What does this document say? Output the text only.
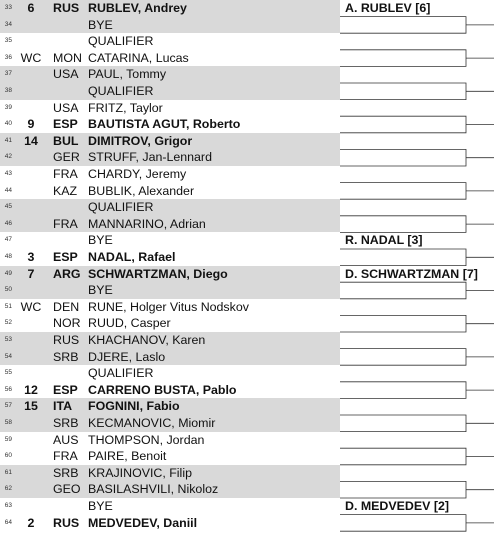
33	6	RUS RUBLEV, Andrey
34	BYE
35	QUALIFIER
36 WC MON CATARINA, Lucas
37	USA PAUL, Tommy
38	QUALIFIER
39	USA FRITZ, Taylor
40	9	ESP BAUTISTA AGUT, Roberto
41 14	BUL DIMITROV, Grigor
42	GER STRUFF, Jan-Lennard
43	FRA CHARDY, Jeremy
44	KAZ BUBLIK, Alexander
45	QUALIFIER
46	FRA MANNARINO, Adrian
47	BYE
48	3	ESP NADAL, Rafael
49	7	ARG SCHWARTZMAN, Diego
50	BYE
51 WC DEN RUNE, Holger Vitus Nodskov
52	NOR RUUD, Casper
53	RUS KHACHANOV, Karen
54	SRB DJERE, Laslo
55	QUALIFIER
56 12	ESP CARRENO BUSTA, Pablo
57 15	ITA	FOGNINI, Fabio
58	SRB KECMANOVIC, Miomir
59	AUS THOMPSON, Jordan
60	FRA PAIRE, Benoit
61	SRB KRAJINOVIC, Filip
62	GEO BASILASHVILI, Nikoloz
63	BYE
64	2	RUS MEDVEDEV, Daniil
A. RUBLEV [6]
R. NADAL [3]
D. SCHWARTZMAN [7]
D. MEDVEDEV [2]
